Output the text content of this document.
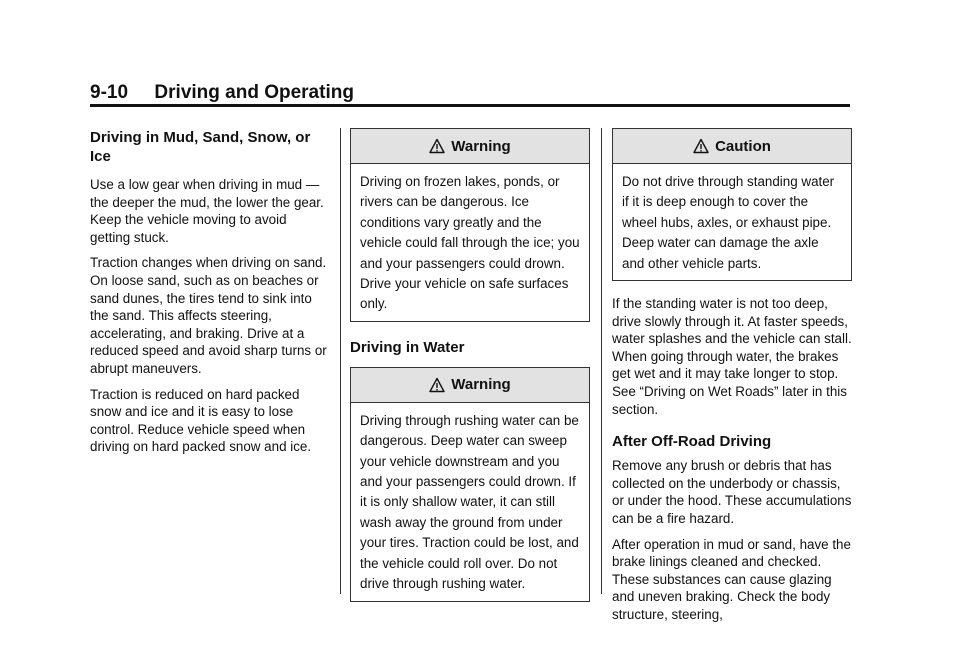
9-10     Driving and Operating
Driving in Mud, Sand, Snow, or Ice

Use a low gear when driving in mud — the deeper the mud, the lower the gear. Keep the vehicle moving to avoid getting stuck.

Traction changes when driving on sand. On loose sand, such as on beaches or sand dunes, the tires tend to sink into the sand. This affects steering, accelerating, and braking. Drive at a reduced speed and avoid sharp turns or abrupt maneuvers.

Traction is reduced on hard packed snow and ice and it is easy to lose control. Reduce vehicle speed when driving on hard packed snow and ice.

Warning
Driving on frozen lakes, ponds, or rivers can be dangerous. Ice conditions vary greatly and the vehicle could fall through the ice; you and your passengers could drown. Drive your vehicle on safe surfaces only.
Driving in Water
Warning
Driving through rushing water can be dangerous. Deep water can sweep your vehicle downstream and you and your passengers could drown. If it is only shallow water, it can still wash away the ground from under your tires. Traction could be lost, and the vehicle could roll over. Do not drive through rushing water.
Caution
Do not drive through standing water if it is deep enough to cover the wheel hubs, axles, or exhaust pipe. Deep water can damage the axle and other vehicle parts.

If the standing water is not too deep, drive slowly through it. At faster speeds, water splashes and the vehicle can stall. When going through water, the brakes get wet and it may take longer to stop. See “Driving on Wet Roads” later in this section.

After Off-Road Driving

Remove any brush or debris that has collected on the underbody or chassis, or under the hood. These accumulations can be a fire hazard.

After operation in mud or sand, have the brake linings cleaned and checked. These substances can cause glazing and uneven braking. Check the body structure, steering,
